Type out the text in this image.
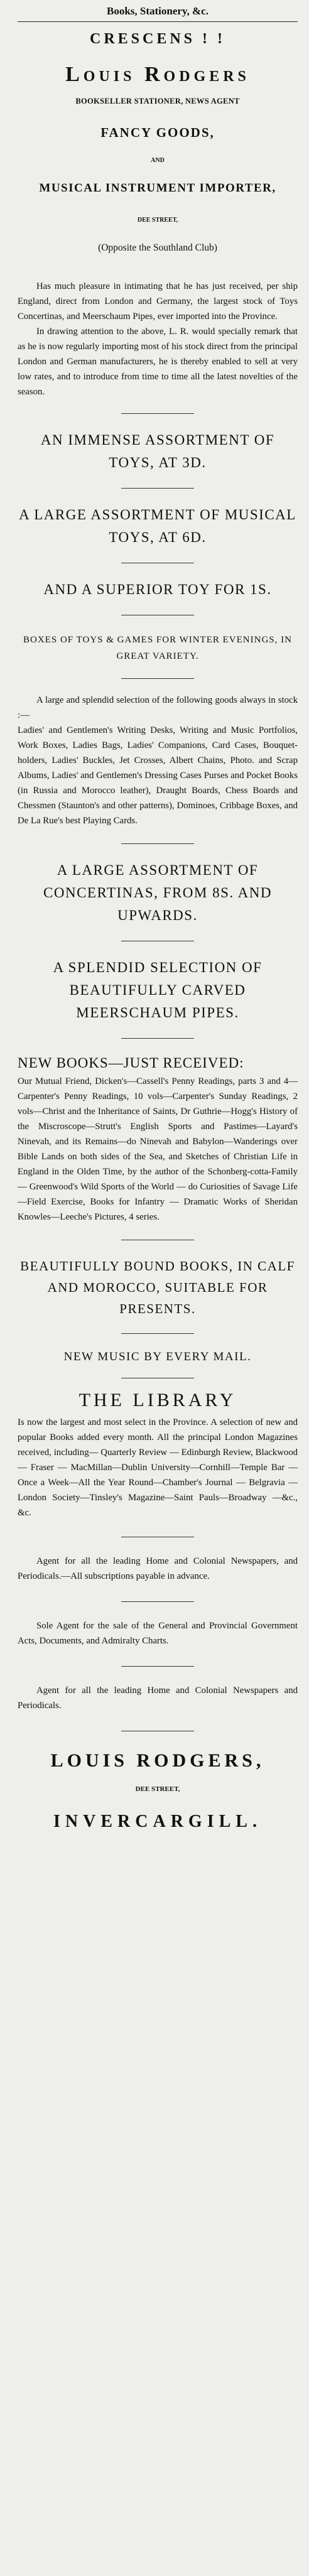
Books, Stationery, &c.
CRESCENS ! !
Louis Rodgers
BOOKSELLER STATIONER, NEWS AGENT
FANCY GOODS,
AND
MUSICAL INSTRUMENT IMPORTER,
DEE STREET,
(Opposite the Southland Club)

Has much pleasure in intimating that he has just received, per ship England, direct from London and Germany, the largest stock of Toys Concertinas, and Meerschaum Pipes, ever imported into the Province.

In drawing attention to the above, L. R. would specially remark that as he is now regularly importing most of his stock direct from the principal London and German manufacturers, he is thereby enabled to sell at very low rates, and to introduce from time to time all the latest novelties of the season.

AN IMMENSE ASSORTMENT OF TOYS, AT 3D.
A LARGE ASSORTMENT OF MUSICAL TOYS, AT 6D.
AND A SUPERIOR TOY FOR 1S.
BOXES OF TOYS & GAMES FOR WINTER EVENINGS, IN GREAT VARIETY.

A large and splendid selection of the following goods always in stock :—

Ladies' and Gentlemen's Writing Desks, Writing and Music Portfolios, Work Boxes, Ladies Bags, Ladies' Companions, Card Cases, Bouquet-holders, Ladies' Buckles, Jet Crosses, Albert Chains, Photo. and Scrap Albums, Ladies' and Gentlemen's Dressing Cases Purses and Pocket Books (in Russia and Morocco leather), Draught Boards, Chess Boards and Chessmen (Staunton's and other patterns), Dominoes, Cribbage Boxes, and De La Rue's best Playing Cards.

A LARGE ASSORTMENT OF CONCERTINAS, FROM 8S. AND UPWARDS.
A SPLENDID SELECTION OF BEAUTIFULLY CARVED MEERSCHAUM PIPES.
NEW BOOKS—JUST RECEIVED:

Our Mutual Friend, Dicken's—Cassell's Penny Readings, parts 3 and 4—Carpenter's Penny Readings, 10 vols—Carpenter's Sunday Readings, 2 vols—Christ and the Inheritance of Saints, Dr Guthrie—Hogg's History of the Miscroscope—Strutt's English Sports and Pastimes—Layard's Ninevah, and its Remains—do Ninevah and Babylon—Wanderings over Bible Lands on both sides of the Sea, and Sketches of Christian Life in England in the Olden Time, by the author of the Schonberg-cotta-Family — Greenwood's Wild Sports of the World — do Curiosities of Savage Life—Field Exercise, Books for Infantry — Dramatic Works of Sheridan Knowles—Leeche's Pictures, 4 series.

BEAUTIFULLY BOUND BOOKS, IN CALF AND MOROCCO, SUITABLE FOR PRESENTS.
NEW MUSIC BY EVERY MAIL.
THE LIBRARY

Is now the largest and most select in the Province. A selection of new and popular Books added every month. All the principal London Magazines received, including— Quarterly Review — Edinburgh Review, Blackwood — Fraser — MacMillan—Dublin University—Cornhill—Temple Bar — Once a Week—All the Year Round—Chamber's Journal — Belgravia — London Society—Tinsley's Magazine—Saint Pauls—Broadway —&c., &c.

Agent for all the leading Home and Colonial Newspapers, and Periodicals.—All subscriptions payable in advance.

Sole Agent for the sale of the General and Provincial Government Acts, Documents, and Admiralty Charts.

Agent for all the leading Home and Colonial Newspapers and Periodicals.

LOUIS RODGERS,
DEE STREET,
INVERCARGILL.
